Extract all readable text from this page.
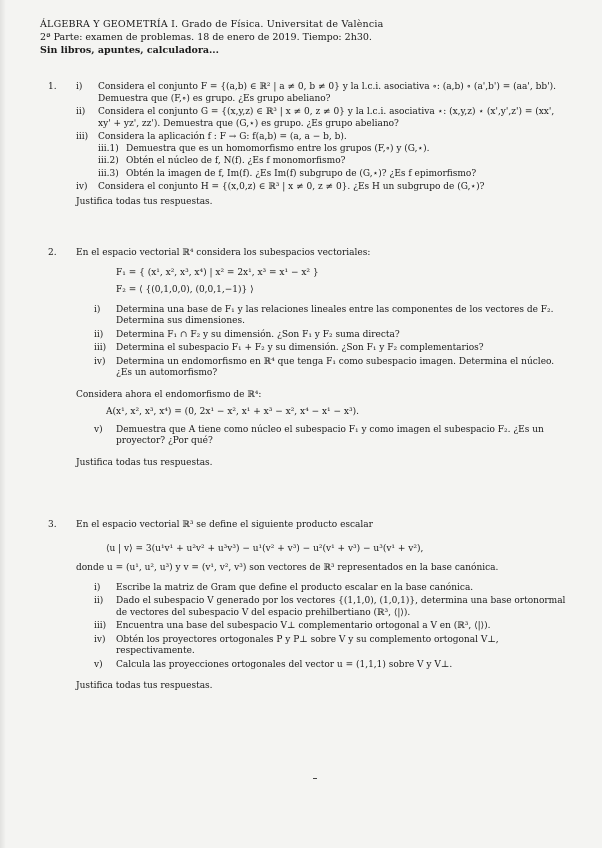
ÁLGEBRA Y GEOMETRÍA I. Grado de Física. Universitat de València
2ª Parte: examen de problemas. 18 de enero de 2019. Tiempo: 2h30.
Sin libros, apuntes, calculadora...
1. i) Considera el conjunto F = {(a,b) ∈ ℝ² | a ≠ 0, b ≠ 0} y la l.c.i. asociativa ∘: (a,b) ∘ (a',b') = (aa', bb'). Demuestra que (F,∘) es grupo. ¿Es grupo abeliano?
ii) Considera el conjunto G = {(x,y,z) ∈ ℝ³ | x ≠ 0, z ≠ 0} y la l.c.i. asociativa ⋆: (x,y,z) ⋆ (x',y',z') = (xx', xy' + yz', zz'). Demuestra que (G,⋆) es grupo. ¿Es grupo abeliano?
iii) Considera la aplicación f : F → G: f(a,b) = (a, a − b, b).
iii.1) Demuestra que es un homomorfismo entre los grupos (F,∘) y (G,⋆).
iii.2) Obtén el núcleo de f, N(f). ¿Es f monomorfismo?
iii.3) Obtén la imagen de f, Im(f). ¿Es Im(f) subgrupo de (G,⋆)? ¿Es f epimorfismo?
iv) Considera el conjunto H = {(x,0,z) ∈ ℝ³ | x ≠ 0, z ≠ 0}. ¿Es H un subgrupo de (G,⋆)?
Justifica todas tus respuestas.
2. En el espacio vectorial ℝ⁴ considera los subespacios vectoriales:
F₁ = { (x¹, x², x³, x⁴) | x² = 2x¹, x³ = x¹ − x² }
F₂ = ⟨ {(0,1,0,0), (0,0,1,−1)} ⟩
i) Determina una base de F₁ y las relaciones lineales entre las componentes de los vectores de F₂. Determina sus dimensiones.
ii) Determina F₁ ∩ F₂ y su dimensión. ¿Son F₁ y F₂ suma directa?
iii) Determina el subespacio F₁ + F₂ y su dimensión. ¿Son F₁ y F₂ complementarios?
iv) Determina un endomorfismo en ℝ⁴ que tenga F₁ como subespacio imagen. Determina el núcleo. ¿Es un automorfismo?
Considera ahora el endomorfismo de ℝ⁴:
A(x¹, x², x³, x⁴) = (0, 2x¹ − x², x¹ + x³ − x², x⁴ − x¹ − x³).
v) Demuestra que A tiene como núcleo el subespacio F₁ y como imagen el subespacio F₂. ¿Es un proyector? ¿Por qué?
Justifica todas tus respuestas.
3. En el espacio vectorial ℝ³ se define el siguiente producto escalar
⟨u | v⟩ = 3(u¹v¹ + u²v² + u³v³) − u¹(v² + v³) − u²(v¹ + v³) − u³(v¹ + v²),
donde u = (u¹, u², u³) y v = (v¹, v², v³) son vectores de ℝ³ representados en la base canónica.
i) Escribe la matriz de Gram que define el producto escalar en la base canónica.
ii) Dado el subespacio V generado por los vectores {(1,1,0), (1,0,1)}, determina una base ortonormal de vectores del subespacio V del espacio prehilbertiano (ℝ³, ⟨|⟩).
iii) Encuentra una base del subespacio V⊥ complementario ortogonal a V en (ℝ³, ⟨|⟩).
iv) Obtén los proyectores ortogonales P y P⊥ sobre V y su complemento ortogonal V⊥, respectivamente.
v) Calcula las proyecciones ortogonales del vector u = (1,1,1) sobre V y V⊥.
Justifica todas tus respuestas.
